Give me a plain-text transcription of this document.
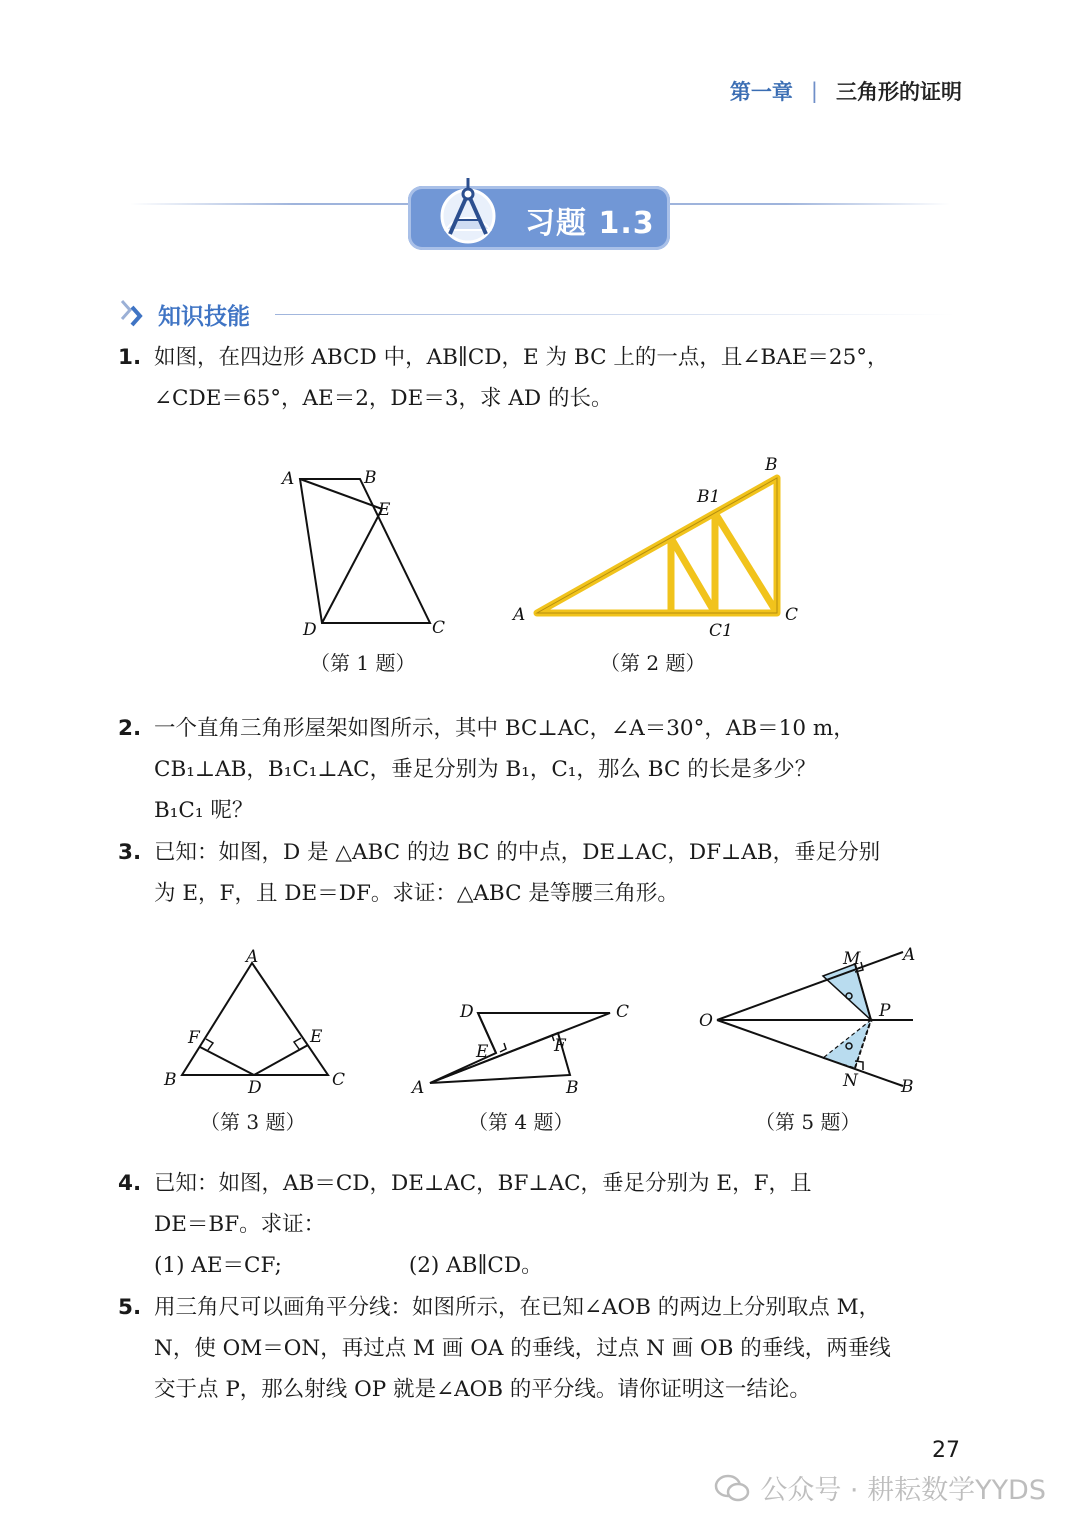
第一章 | 三角形的证明
习题 1.3
知识技能
1. 如图，在四边形 ABCD 中，AB∥CD，E 为 BC 上的一点，且∠BAE＝25°，
∠CDE＝65°，AE＝2，DE＝3，求 AD 的长。
A	B
E
D	C
（第 1 题）
B
B1
A	C
C1
（第 2 题）
2. 一个直角三角形屋架如图所示，其中 BC⊥AC，∠A＝30°，AB＝10 m，
CB₁⊥AB，B₁C₁⊥AC，垂足分别为 B₁，C₁，那么 BC 的长是多少？
B₁C₁ 呢？
3. 已知：如图，D 是 △ABC 的边 BC 的中点，DE⊥AC，DF⊥AB，垂足分别
为 E，F，且 DE＝DF。求证：△ABC 是等腰三角形。
A
F	E
B	D	C
（第 3 题）
D	C
E	F
A	B
（第 4 题）
M	A
O	P
N	B
（第 5 题）
4. 已知：如图，AB＝CD，DE⊥AC，BF⊥AC，垂足分别为 E，F，且
DE＝BF。求证：
(1) AE＝CF;	(2) AB∥CD。
5. 用三角尺可以画角平分线：如图所示，在已知∠AOB 的两边上分别取点 M，
N，使 OM＝ON，再过点 M 画 OA 的垂线，过点 N 画 OB 的垂线，两垂线
交于点 P，那么射线 OP 就是∠AOB 的平分线。请你证明这一结论。
27
公众号 · 耕耘数学YYDS
